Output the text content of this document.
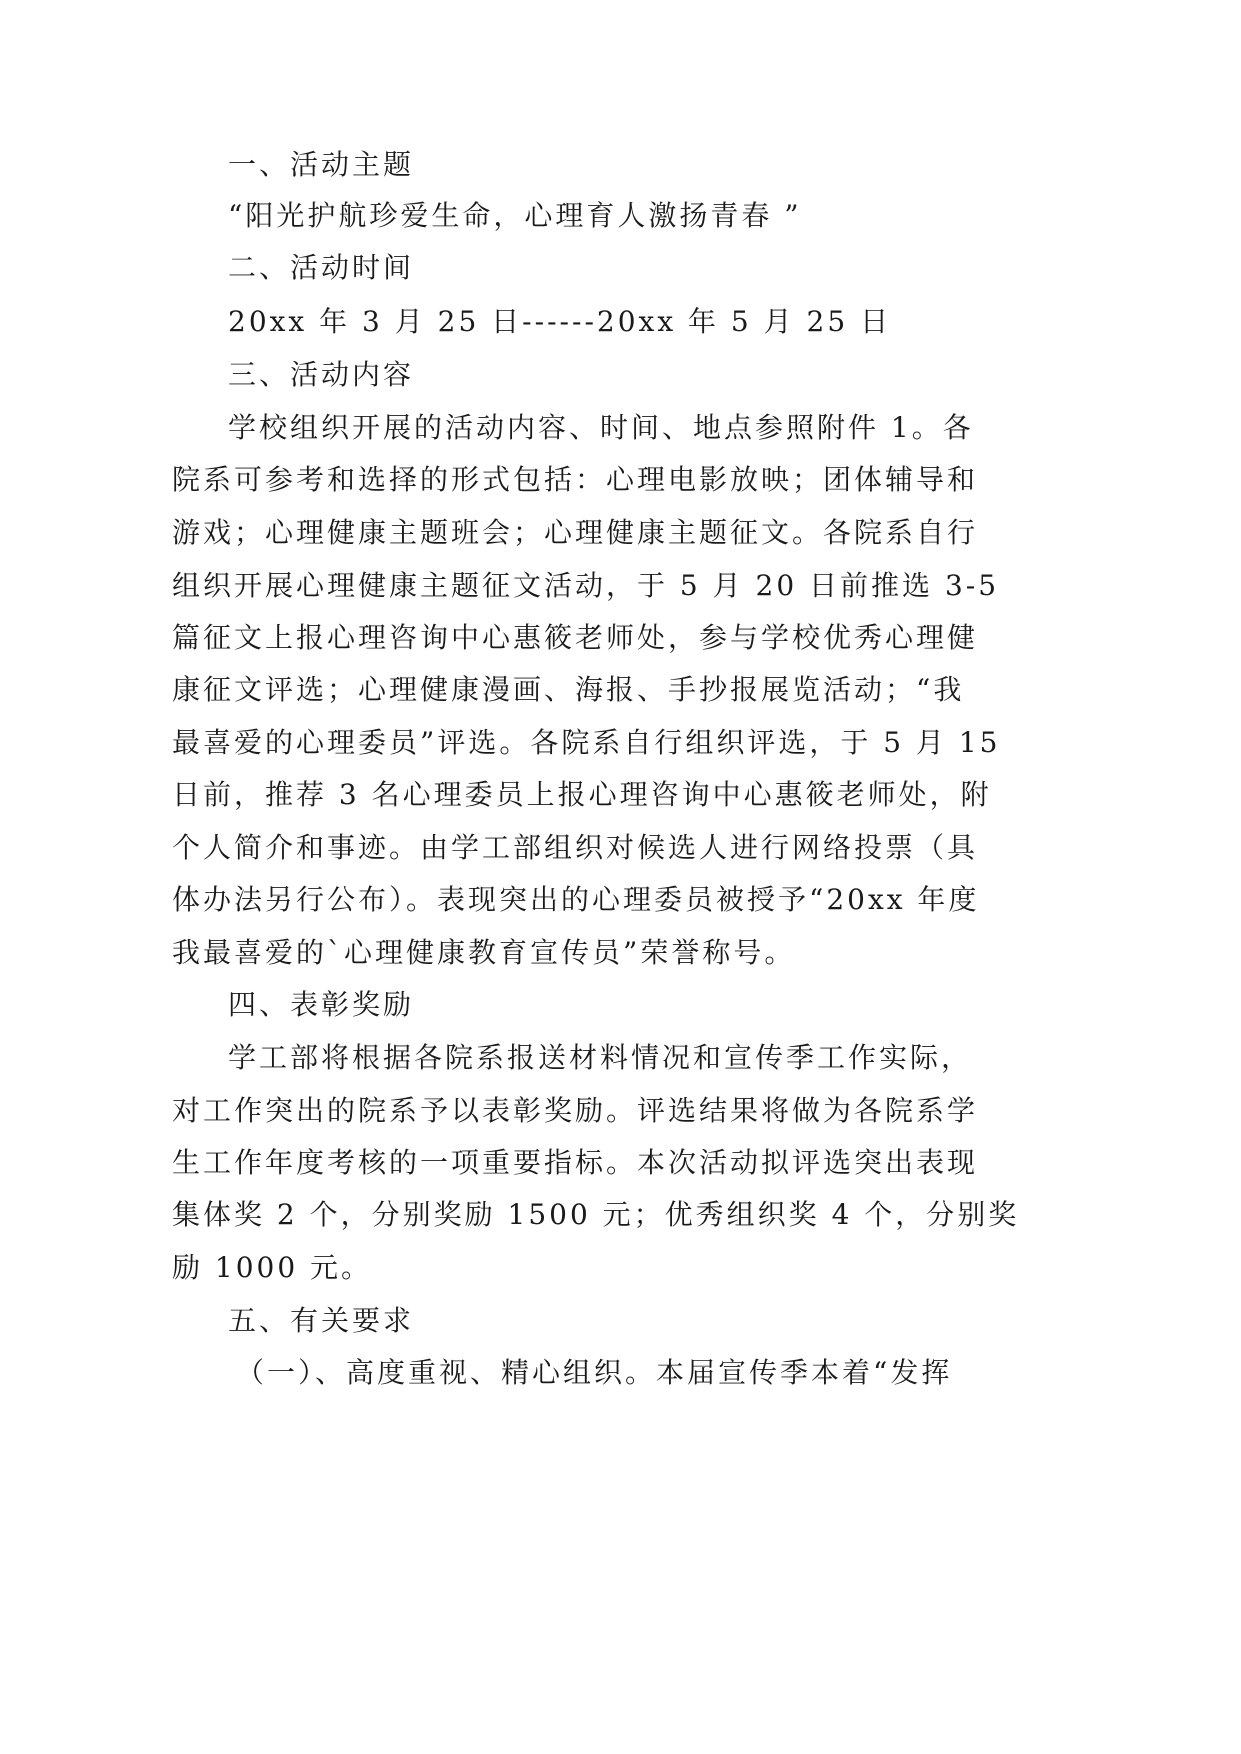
一、活动主题
“阳光护航珍爱生命，心理育人激扬青春 ”
二、活动时间
20xx 年 3 月 25 日------20xx 年 5 月 25 日
三、活动内容
学校组织开展的活动内容、时间、地点参照附件 1。各
院系可参考和选择的形式包括：心理电影放映；团体辅导和
游戏；心理健康主题班会；心理健康主题征文。各院系自行
组织开展心理健康主题征文活动，于 5 月 20 日前推选 3-5
篇征文上报心理咨询中心惠筱老师处，参与学校优秀心理健
康征文评选；心理健康漫画、海报、手抄报展览活动；“我
最喜爱的心理委员”评选。各院系自行组织评选，于 5 月 15
日前，推荐 3 名心理委员上报心理咨询中心惠筱老师处，附
个人简介和事迹。由学工部组织对候选人进行网络投票（具
体办法另行公布）。表现突出的心理委员被授予“20xx 年度
我最喜爱的`心理健康教育宣传员”荣誉称号。
四、表彰奖励
学工部将根据各院系报送材料情况和宣传季工作实际，
对工作突出的院系予以表彰奖励。评选结果将做为各院系学
生工作年度考核的一项重要指标。本次活动拟评选突出表现
集体奖 2 个，分别奖励 1500 元；优秀组织奖 4 个，分别奖
励 1000 元。
五、有关要求
（一）、高度重视、精心组织。本届宣传季本着“发挥
